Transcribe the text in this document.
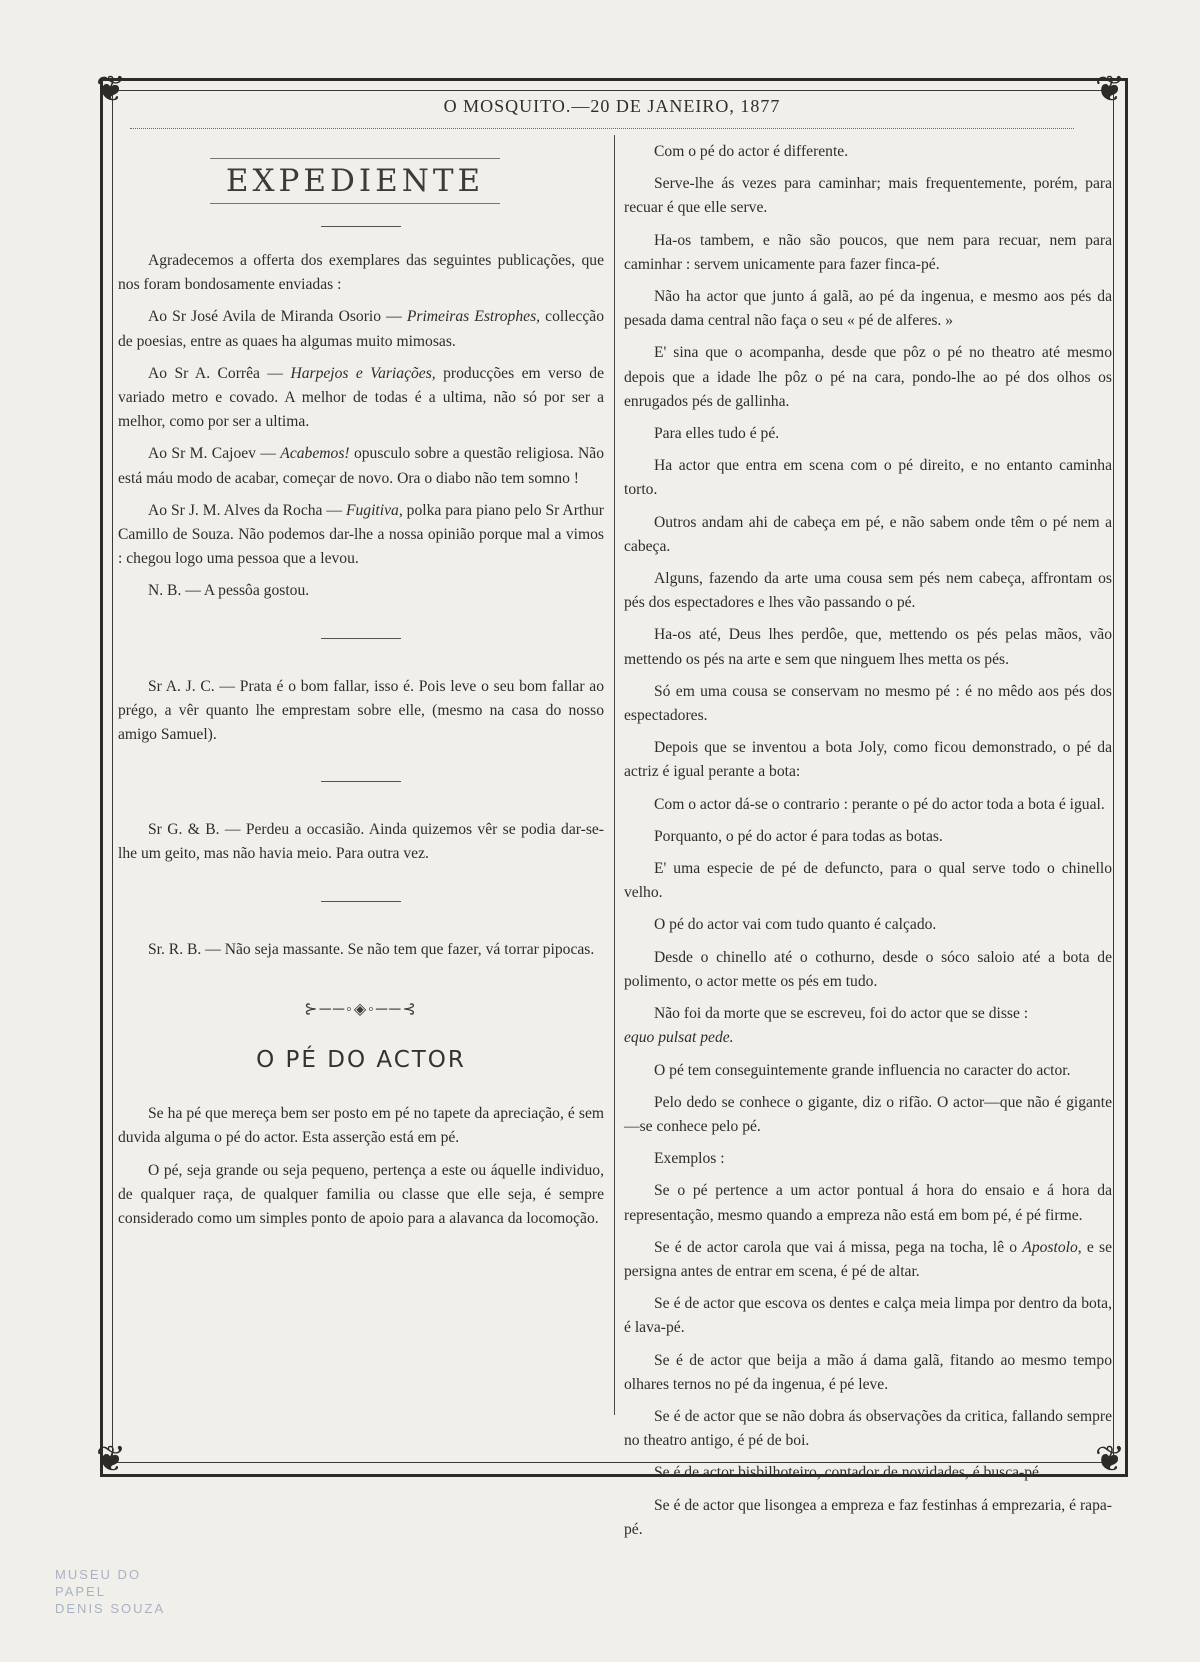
❦	❦
❦	❦
O MOSQUITO.—20 DE JANEIRO, 1877
EXPEDIENTE

Agradecemos a offerta dos exemplares das seguintes publicações, que nos foram bondosamente enviadas :

Ao Sr José Avila de Miranda Osorio — Primeiras Estrophes, collecção de poesias, entre as quaes ha algumas muito mimosas.

Ao Sr A. Corrêa — Harpejos e Variações, producções em verso de variado metro e covado. A melhor de todas é a ultima, não só por ser a melhor, como por ser a ultima.

Ao Sr M. Cajoev — Acabemos! opusculo sobre a questão religiosa. Não está máu modo de acabar, começar de novo. Ora o diabo não tem somno !

Ao Sr J. M. Alves da Rocha — Fugitiva, polka para piano pelo Sr Arthur Camillo de Souza. Não podemos dar-lhe a nossa opinião porque mal a vimos : chegou logo uma pessoa que a levou.

N. B. — A pessôa gostou.

Sr A. J. C. — Prata é o bom fallar, isso é. Pois leve o seu bom fallar ao prégo, a vêr quanto lhe emprestam sobre elle, (mesmo na casa do nosso amigo Samuel).

Sr G. & B. — Perdeu a occasião. Ainda quizemos vêr se podia dar-se-lhe um geito, mas não havia meio. Para outra vez.

Sr. R. B. — Não seja massante. Se não tem que fazer, vá torrar pipocas.

⊱──◦◈◦──⊰
O PÉ DO ACTOR

Se ha pé que mereça bem ser posto em pé no tapete da apreciação, é sem duvida alguma o pé do actor. Esta asserção está em pé.

O pé, seja grande ou seja pequeno, pertença a este ou áquelle individuo, de qualquer raça, de qualquer familia ou classe que elle seja, é sempre considerado como um simples ponto de apoio para a alavanca da locomoção.

Com o pé do actor é differente.

Serve-lhe ás vezes para caminhar; mais frequentemente, porém, para recuar é que elle serve.

Ha-os tambem, e não são poucos, que nem para recuar, nem para caminhar : servem unicamente para fazer finca-pé.

Não ha actor que junto á galã, ao pé da ingenua, e mesmo aos pés da pesada dama central não faça o seu « pé de alferes. »

E' sina que o acompanha, desde que pôz o pé no theatro até mesmo depois que a idade lhe pôz o pé na cara, pondo-lhe ao pé dos olhos os enrugados pés de gallinha.

Para elles tudo é pé.

Ha actor que entra em scena com o pé direito, e no entanto caminha torto.

Outros andam ahi de cabeça em pé, e não sabem onde têm o pé nem a cabeça.

Alguns, fazendo da arte uma cousa sem pés nem cabeça, affrontam os pés dos espectadores e lhes vão passando o pé.

Ha-os até, Deus lhes perdôe, que, mettendo os pés pelas mãos, vão mettendo os pés na arte e sem que ninguem lhes metta os pés.

Só em uma cousa se conservam no mesmo pé : é no mêdo aos pés dos espectadores.

Depois que se inventou a bota Joly, como ficou demonstrado, o pé da actriz é igual perante a bota:

Com o actor dá-se o contrario : perante o pé do actor toda a bota é igual.

Porquanto, o pé do actor é para todas as botas.

E' uma especie de pé de defuncto, para o qual serve todo o chinello velho.

O pé do actor vai com tudo quanto é calçado.

Desde o chinello até o cothurno, desde o sóco saloio até a bota de polimento, o actor mette os pés em tudo.

Não foi da morte que se escreveu, foi do actor que se disse :
equo pulsat pede.

O pé tem conseguintemente grande influencia no caracter do actor.

Pelo dedo se conhece o gigante, diz o rifão. O actor—que não é gigante—se conhece pelo pé.

Exemplos :

Se o pé pertence a um actor pontual á hora do ensaio e á hora da representação, mesmo quando a empreza não está em bom pé, é pé firme.

Se é de actor carola que vai á missa, pega na tocha, lê o Apostolo, e se persigna antes de entrar em scena, é pé de altar.

Se é de actor que escova os dentes e calça meia limpa por dentro da bota, é lava-pé.

Se é de actor que beija a mão á dama galã, fitando ao mesmo tempo olhares ternos no pé da ingenua, é pé leve.

Se é de actor que se não dobra ás observações da critica, fallando sempre no theatro antigo, é pé de boi.

Se é de actor bisbilhoteiro, contador de novidades, é busca-pé.

Se é de actor que lisongea a empreza e faz festinhas á emprezaria, é rapa-pé.

MUSEU DO PAPEL
DENIS SOUZA
